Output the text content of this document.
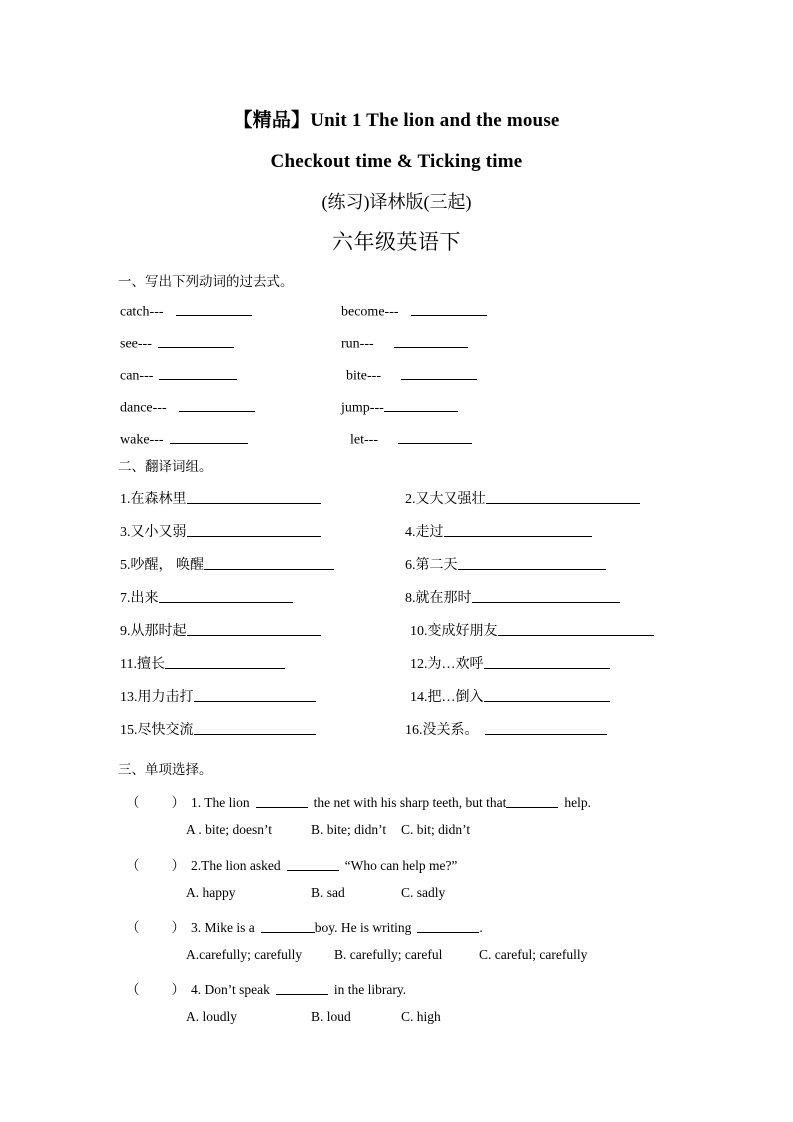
【精品】Unit 1 The lion and the mouse
Checkout time & Ticking time
(练习)译林版(三起)
六年级英语下
一、写出下列动词的过去式。
catch---	become---
see---	run---
can---	bite---
dance---	jump---
wake---	let---
二、翻译词组。
1.在森林里	2.又大又强壮
3.又小又弱	4.走过
5.吵醒， 唤醒	6.第二天
7.出来	8.就在那时
9.从那时起	10.变成好朋友
11.擅长	12.为…欢呼
13.用力击打	14.把…倒入
15.尽快交流	16.没关系。
三、单项选择。
（ ） 1. The lion	the net with his sharp teeth, but that	help.
A . bite; doesn’t	B. bite; didn’t C. bit; didn’t
（ ） 2.The lion asked	“Who can help me?”
A. happy	B. sad	C. sadly
（ ） 3. Mike is a	boy. He is writing	.
A.carefully; carefully B. carefully; careful	C. careful; carefully
（ ） 4. Don’t speak	in the library.
A. loudly	B. loud	C. high
